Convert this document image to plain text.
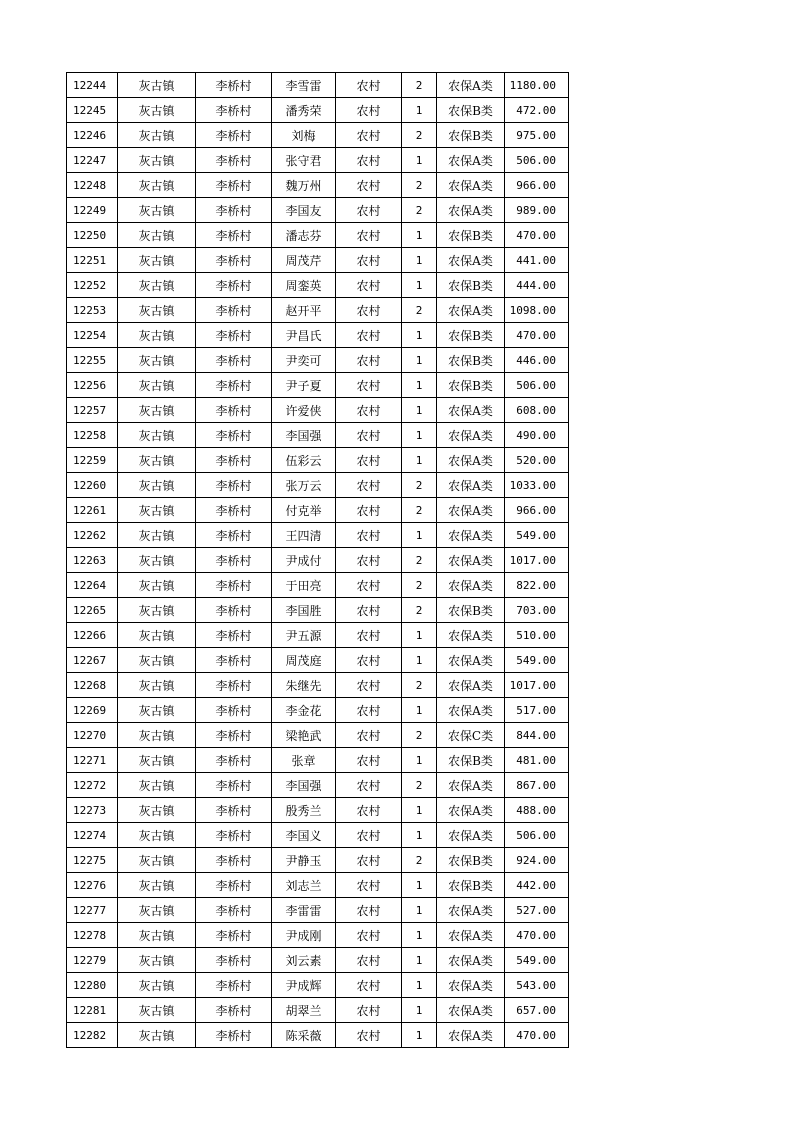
12244	灰古镇	李桥村	李雪雷	农村	2	农保A类	1180.00
12245	灰古镇	李桥村	潘秀荣	农村	1	农保B类	472.00
12246	灰古镇	李桥村	刘梅	农村	2	农保B类	975.00
12247	灰古镇	李桥村	张守君	农村	1	农保A类	506.00
12248	灰古镇	李桥村	魏万州	农村	2	农保A类	966.00
12249	灰古镇	李桥村	李国友	农村	2	农保A类	989.00
12250	灰古镇	李桥村	潘志芬	农村	1	农保B类	470.00
12251	灰古镇	李桥村	周茂芹	农村	1	农保A类	441.00
12252	灰古镇	李桥村	周銮英	农村	1	农保B类	444.00
12253	灰古镇	李桥村	赵开平	农村	2	农保A类	1098.00
12254	灰古镇	李桥村	尹昌氏	农村	1	农保B类	470.00
12255	灰古镇	李桥村	尹奕可	农村	1	农保B类	446.00
12256	灰古镇	李桥村	尹子夏	农村	1	农保B类	506.00
12257	灰古镇	李桥村	许爱侠	农村	1	农保A类	608.00
12258	灰古镇	李桥村	李国强	农村	1	农保A类	490.00
12259	灰古镇	李桥村	伍彩云	农村	1	农保A类	520.00
12260	灰古镇	李桥村	张万云	农村	2	农保A类	1033.00
12261	灰古镇	李桥村	付克举	农村	2	农保A类	966.00
12262	灰古镇	李桥村	王四清	农村	1	农保A类	549.00
12263	灰古镇	李桥村	尹成付	农村	2	农保A类	1017.00
12264	灰古镇	李桥村	于田亮	农村	2	农保A类	822.00
12265	灰古镇	李桥村	李国胜	农村	2	农保B类	703.00
12266	灰古镇	李桥村	尹五源	农村	1	农保A类	510.00
12267	灰古镇	李桥村	周茂庭	农村	1	农保A类	549.00
12268	灰古镇	李桥村	朱继先	农村	2	农保A类	1017.00
12269	灰古镇	李桥村	李金花	农村	1	农保A类	517.00
12270	灰古镇	李桥村	梁艳武	农村	2	农保C类	844.00
12271	灰古镇	李桥村	张章	农村	1	农保B类	481.00
12272	灰古镇	李桥村	李国强	农村	2	农保A类	867.00
12273	灰古镇	李桥村	殷秀兰	农村	1	农保A类	488.00
12274	灰古镇	李桥村	李国义	农村	1	农保A类	506.00
12275	灰古镇	李桥村	尹静玉	农村	2	农保B类	924.00
12276	灰古镇	李桥村	刘志兰	农村	1	农保B类	442.00
12277	灰古镇	李桥村	李雷雷	农村	1	农保A类	527.00
12278	灰古镇	李桥村	尹成刚	农村	1	农保A类	470.00
12279	灰古镇	李桥村	刘云素	农村	1	农保A类	549.00
12280	灰古镇	李桥村	尹成辉	农村	1	农保A类	543.00
12281	灰古镇	李桥村	胡翠兰	农村	1	农保A类	657.00
12282	灰古镇	李桥村	陈采薇	农村	1	农保A类	470.00
